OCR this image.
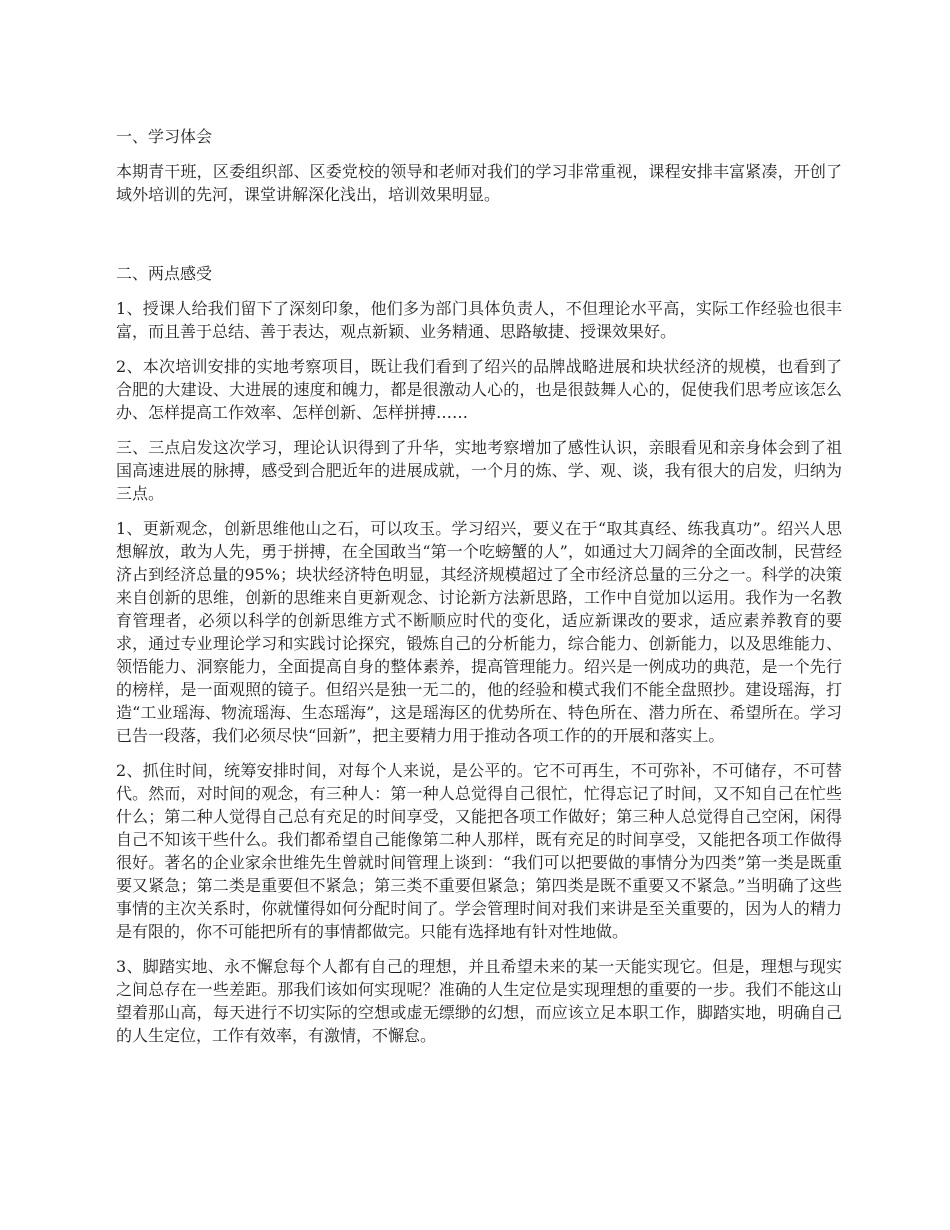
一、学习体会

本期青干班，区委组织部、区委党校的领导和老师对我们的学习非常重视，课程安排丰富紧凑，开创了域外培训的先河，课堂讲解深化浅出，培训效果明显。

二、两点感受

1、授课人给我们留下了深刻印象，他们多为部门具体负责人，不但理论水平高，实际工作经验也很丰富，而且善于总结、善于表达，观点新颖、业务精通、思路敏捷、授课效果好。

2、本次培训安排的实地考察项目，既让我们看到了绍兴的品牌战略进展和块状经济的规模，也看到了合肥的大建设、大进展的速度和魄力，都是很激动人心的，也是很鼓舞人心的，促使我们思考应该怎么办、怎样提高工作效率、怎样创新、怎样拼搏……

三、三点启发这次学习，理论认识得到了升华，实地考察增加了感性认识，亲眼看见和亲身体会到了祖国高速进展的脉搏，感受到合肥近年的进展成就，一个月的炼、学、观、谈，我有很大的启发，归纳为三点。

1、更新观念，创新思维他山之石，可以攻玉。学习绍兴，要义在于“取其真经、练我真功”。绍兴人思想解放，敢为人先，勇于拼搏，在全国敢当“第一个吃螃蟹的人”，如通过大刀阔斧的全面改制，民营经济占到经济总量的95%；块状经济特色明显，其经济规模超过了全市经济总量的三分之一。科学的决策来自创新的思维，创新的思维来自更新观念、讨论新方法新思路，工作中自觉加以运用。我作为一名教育管理者，必须以科学的创新思维方式不断顺应时代的变化，适应新课改的要求，适应素养教育的要求，通过专业理论学习和实践讨论探究，锻炼自己的分析能力，综合能力、创新能力，以及思维能力、领悟能力、洞察能力，全面提高自身的整体素养，提高管理能力。绍兴是一例成功的典范，是一个先行的榜样，是一面观照的镜子。但绍兴是独一无二的，他的经验和模式我们不能全盘照抄。建设瑶海，打造“工业瑶海、物流瑶海、生态瑶海”，这是瑶海区的优势所在、特色所在、潜力所在、希望所在。学习已告一段落，我们必须尽快“回新”，把主要精力用于推动各项工作的的开展和落实上。

2、抓住时间，统筹安排时间，对每个人来说，是公平的。它不可再生，不可弥补，不可储存，不可替代。然而，对时间的观念，有三种人：第一种人总觉得自己很忙，忙得忘记了时间，又不知自己在忙些什么；第二种人觉得自己总有充足的时间享受，又能把各项工作做好；第三种人总觉得自己空闲，闲得自己不知该干些什么。我们都希望自己能像第二种人那样，既有充足的时间享受，又能把各项工作做得很好。著名的企业家余世维先生曾就时间管理上谈到：“我们可以把要做的事情分为四类”第一类是既重要又紧急；第二类是重要但不紧急；第三类不重要但紧急；第四类是既不重要又不紧急。”当明确了这些事情的主次关系时，你就懂得如何分配时间了。学会管理时间对我们来讲是至关重要的，因为人的精力是有限的，你不可能把所有的事情都做完。只能有选择地有针对性地做。

3、脚踏实地、永不懈怠每个人都有自己的理想，并且希望未来的某一天能实现它。但是，理想与现实之间总存在一些差距。那我们该如何实现呢？准确的人生定位是实现理想的重要的一步。我们不能这山望着那山高，每天进行不切实际的空想或虚无缥缈的幻想，而应该立足本职工作，脚踏实地，明确自己的人生定位，工作有效率，有激情，不懈怠。
